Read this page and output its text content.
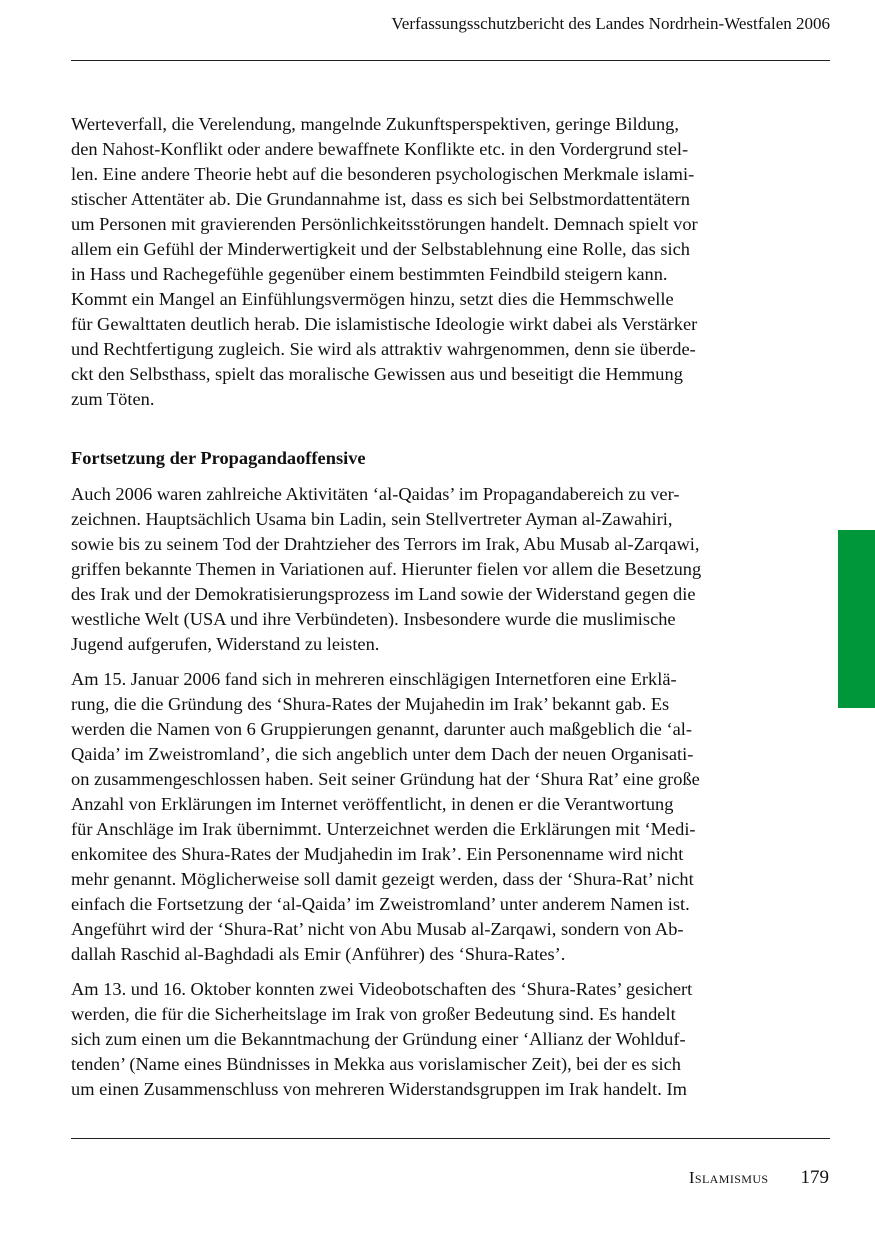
Verfassungsschutzbericht des Landes Nordrhein-Westfalen 2006
Werteverfall, die Verelendung, mangelnde Zukunftsperspektiven, geringe Bildung,
den Nahost-Konflikt oder andere bewaffnete Konflikte etc. in den Vordergrund stel-
len. Eine andere Theorie hebt auf die besonderen psychologischen Merkmale islami-
stischer Attentäter ab. Die Grundannahme ist, dass es sich bei Selbstmordattentätern
um Personen mit gravierenden Persönlichkeitsstörungen handelt. Demnach spielt vor
allem ein Gefühl der Minderwertigkeit und der Selbstablehnung eine Rolle, das sich
in Hass und Rachegefühle gegenüber einem bestimmten Feindbild steigern kann.
Kommt ein Mangel an Einfühlungsvermögen hinzu, setzt dies die Hemmschwelle
für Gewalttaten deutlich herab. Die islamistische Ideologie wirkt dabei als Verstärker
und Rechtfertigung zugleich. Sie wird als attraktiv wahrgenommen, denn sie überde-
ckt den Selbsthass, spielt das moralische Gewissen aus und beseitigt die Hemmung
zum Töten.
Fortsetzung der Propagandaoffensive
Auch 2006 waren zahlreiche Aktivitäten ‘al-Qaidas’ im Propagandabereich zu ver-
zeichnen. Hauptsächlich Usama bin Ladin, sein Stellvertreter Ayman al-Zawahiri,
sowie bis zu seinem Tod der Drahtzieher des Terrors im Irak, Abu Musab al-Zarqawi,
griffen bekannte Themen in Variationen auf. Hierunter fielen vor allem die Besetzung
des Irak und der Demokratisierungsprozess im Land sowie der Widerstand gegen die
westliche Welt (USA und ihre Verbündeten). Insbesondere wurde die muslimische
Jugend aufgerufen, Widerstand zu leisten.
Am 15. Januar 2006 fand sich in mehreren einschlägigen Internetforen eine Erklä-
rung, die die Gründung des ‘Shura-Rates der Mujahedin im Irak’ bekannt gab. Es
werden die Namen von 6 Gruppierungen genannt, darunter auch maßgeblich die ‘al-
Qaida’ im Zweistromland’, die sich angeblich unter dem Dach der neuen Organisati-
on zusammengeschlossen haben. Seit seiner Gründung hat der ‘Shura Rat’ eine große
Anzahl von Erklärungen im Internet veröffentlicht, in denen er die Verantwortung
für Anschläge im Irak übernimmt. Unterzeichnet werden die Erklärungen mit ‘Medi-
enkomitee des Shura-Rates der Mudjahedin im Irak’. Ein Personenname wird nicht
mehr genannt. Möglicherweise soll damit gezeigt werden, dass der ‘Shura-Rat’ nicht
einfach die Fortsetzung der ‘al-Qaida’ im Zweistromland’ unter anderem Namen ist.
Angeführt wird der ‘Shura-Rat’ nicht von Abu Musab al-Zarqawi, sondern von Ab-
dallah Raschid al-Baghdadi als Emir (Anführer) des ‘Shura-Rates’.
Am 13. und 16. Oktober konnten zwei Videobotschaften des ‘Shura-Rates’ gesichert
werden, die für die Sicherheitslage im Irak von großer Bedeutung sind. Es handelt
sich zum einen um die Bekanntmachung der Gründung einer ‘Allianz der Wohlduf-
tenden’ (Name eines Bündnisses in Mekka aus vorislamischer Zeit), bei der es sich
um einen Zusammenschluss von mehreren Widerstandsgruppen im Irak handelt. Im
Islamismus 179
